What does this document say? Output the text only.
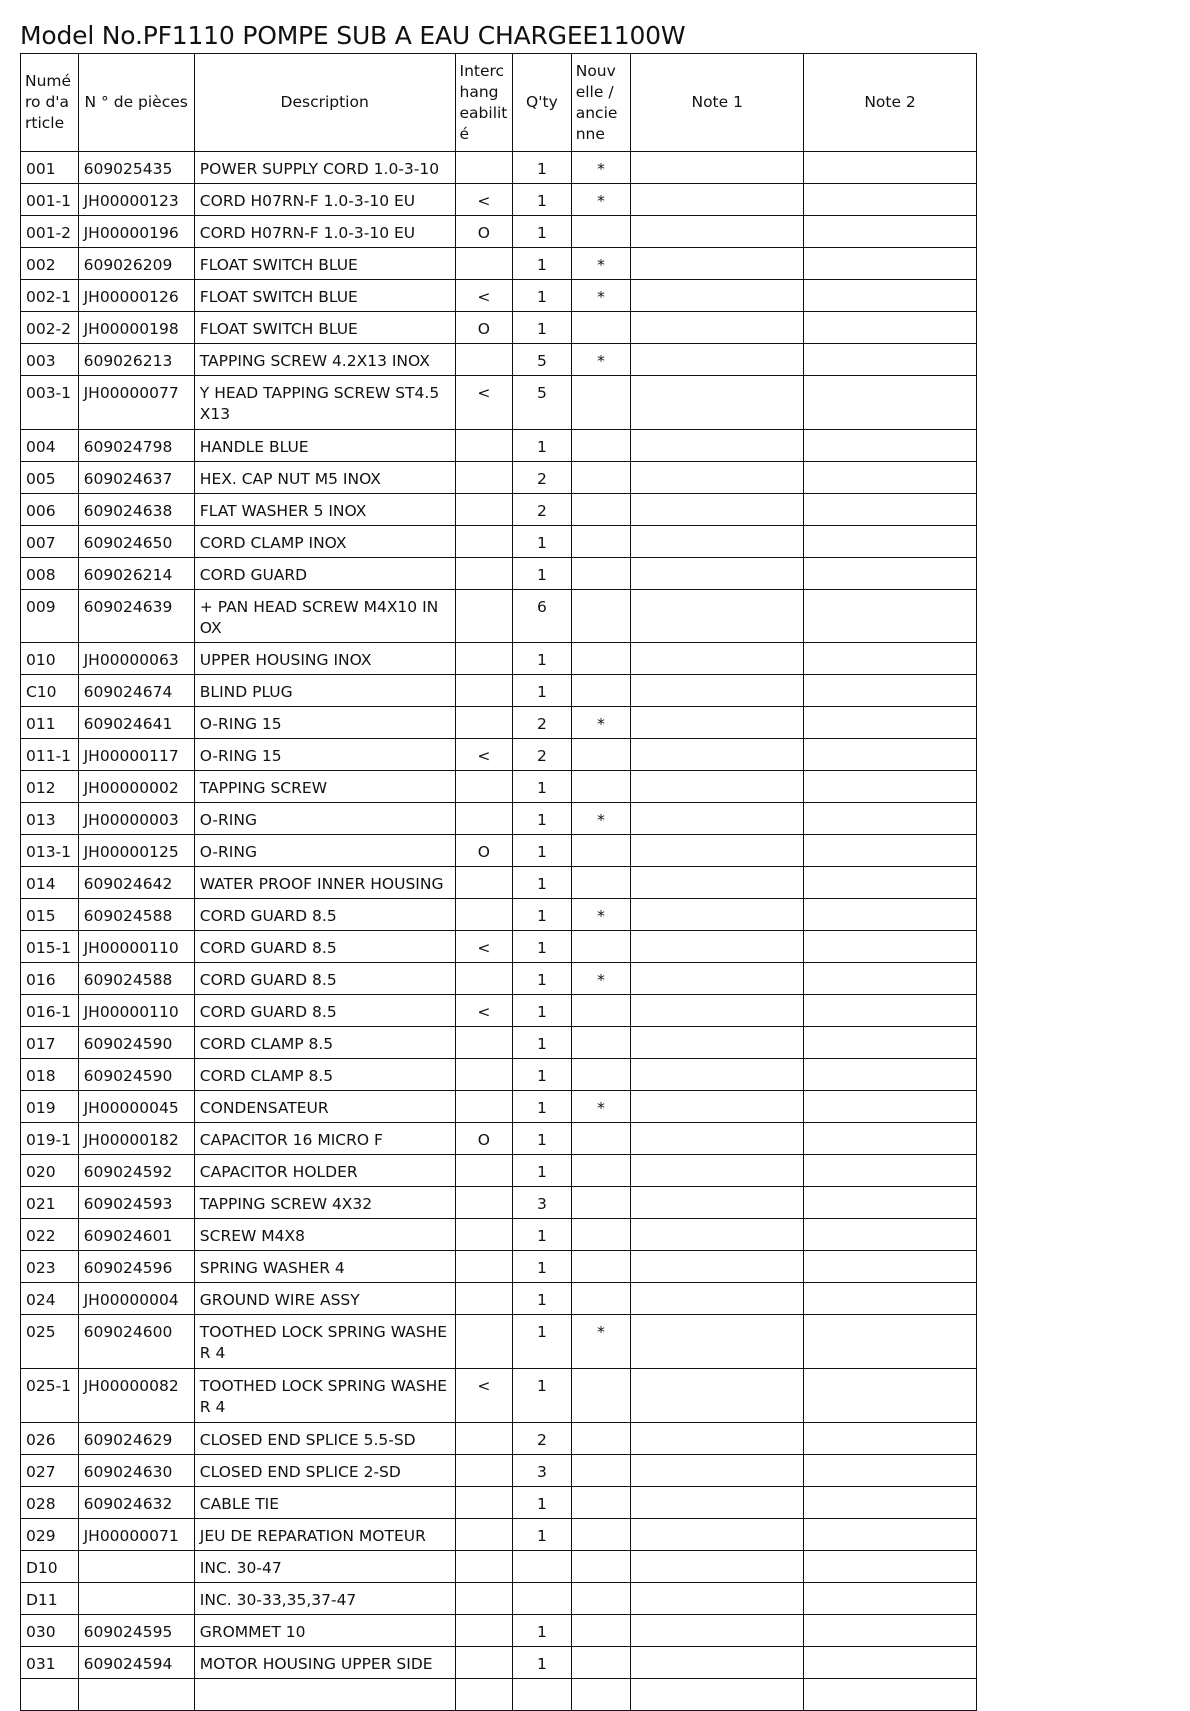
Model No.PF1110 POMPE SUB A EAU CHARGEE1100W
Numé ro d'a rticle	N ° de pièces	Description	Interc hang eabilit é	Q'ty	Nouv elle / ancie nne	Note 1	Note 2
001	609025435	POWER SUPPLY CORD 1.0-3-10		1	*		
001-1	JH00000123	CORD H07RN-F 1.0-3-10 EU	<	1	*		
001-2	JH00000196	CORD H07RN-F 1.0-3-10 EU	O	1			
002	609026209	FLOAT SWITCH BLUE		1	*		
002-1	JH00000126	FLOAT SWITCH BLUE	<	1	*		
002-2	JH00000198	FLOAT SWITCH BLUE	O	1			
003	609026213	TAPPING SCREW 4.2X13 INOX		5	*		
003-1	JH00000077	Y HEAD TAPPING SCREW ST4.5X13	<	5			
004	609024798	HANDLE BLUE		1			
005	609024637	HEX. CAP NUT M5 INOX		2			
006	609024638	FLAT WASHER 5 INOX		2			
007	609024650	CORD CLAMP INOX		1			
008	609026214	CORD GUARD		1			
009	609024639	+ PAN HEAD SCREW M4X10 INOX		6			
010	JH00000063	UPPER HOUSING INOX		1			
C10	609024674	BLIND PLUG		1			
011	609024641	O-RING 15		2	*		
011-1	JH00000117	O-RING 15	<	2			
012	JH00000002	TAPPING SCREW		1			
013	JH00000003	O-RING		1	*		
013-1	JH00000125	O-RING	O	1			
014	609024642	WATER PROOF INNER HOUSING		1			
015	609024588	CORD GUARD 8.5		1	*		
015-1	JH00000110	CORD GUARD 8.5	<	1			
016	609024588	CORD GUARD 8.5		1	*		
016-1	JH00000110	CORD GUARD 8.5	<	1			
017	609024590	CORD CLAMP 8.5		1			
018	609024590	CORD CLAMP 8.5		1			
019	JH00000045	CONDENSATEUR		1	*		
019-1	JH00000182	CAPACITOR 16 MICRO F	O	1			
020	609024592	CAPACITOR HOLDER		1			
021	609024593	TAPPING SCREW 4X32		3			
022	609024601	SCREW M4X8		1			
023	609024596	SPRING WASHER 4		1			
024	JH00000004	GROUND WIRE ASSY		1			
025	609024600	TOOTHED LOCK SPRING WASHER 4		1	*		
025-1	JH00000082	TOOTHED LOCK SPRING WASHER 4	<	1			
026	609024629	CLOSED END SPLICE 5.5-SD		2			
027	609024630	CLOSED END SPLICE 2-SD		3			
028	609024632	CABLE TIE		1			
029	JH00000071	JEU DE REPARATION MOTEUR		1			
D10		INC. 30-47					
D11		INC. 30-33,35,37-47					
030	609024595	GROMMET 10		1			
031	609024594	MOTOR HOUSING UPPER SIDE		1			
